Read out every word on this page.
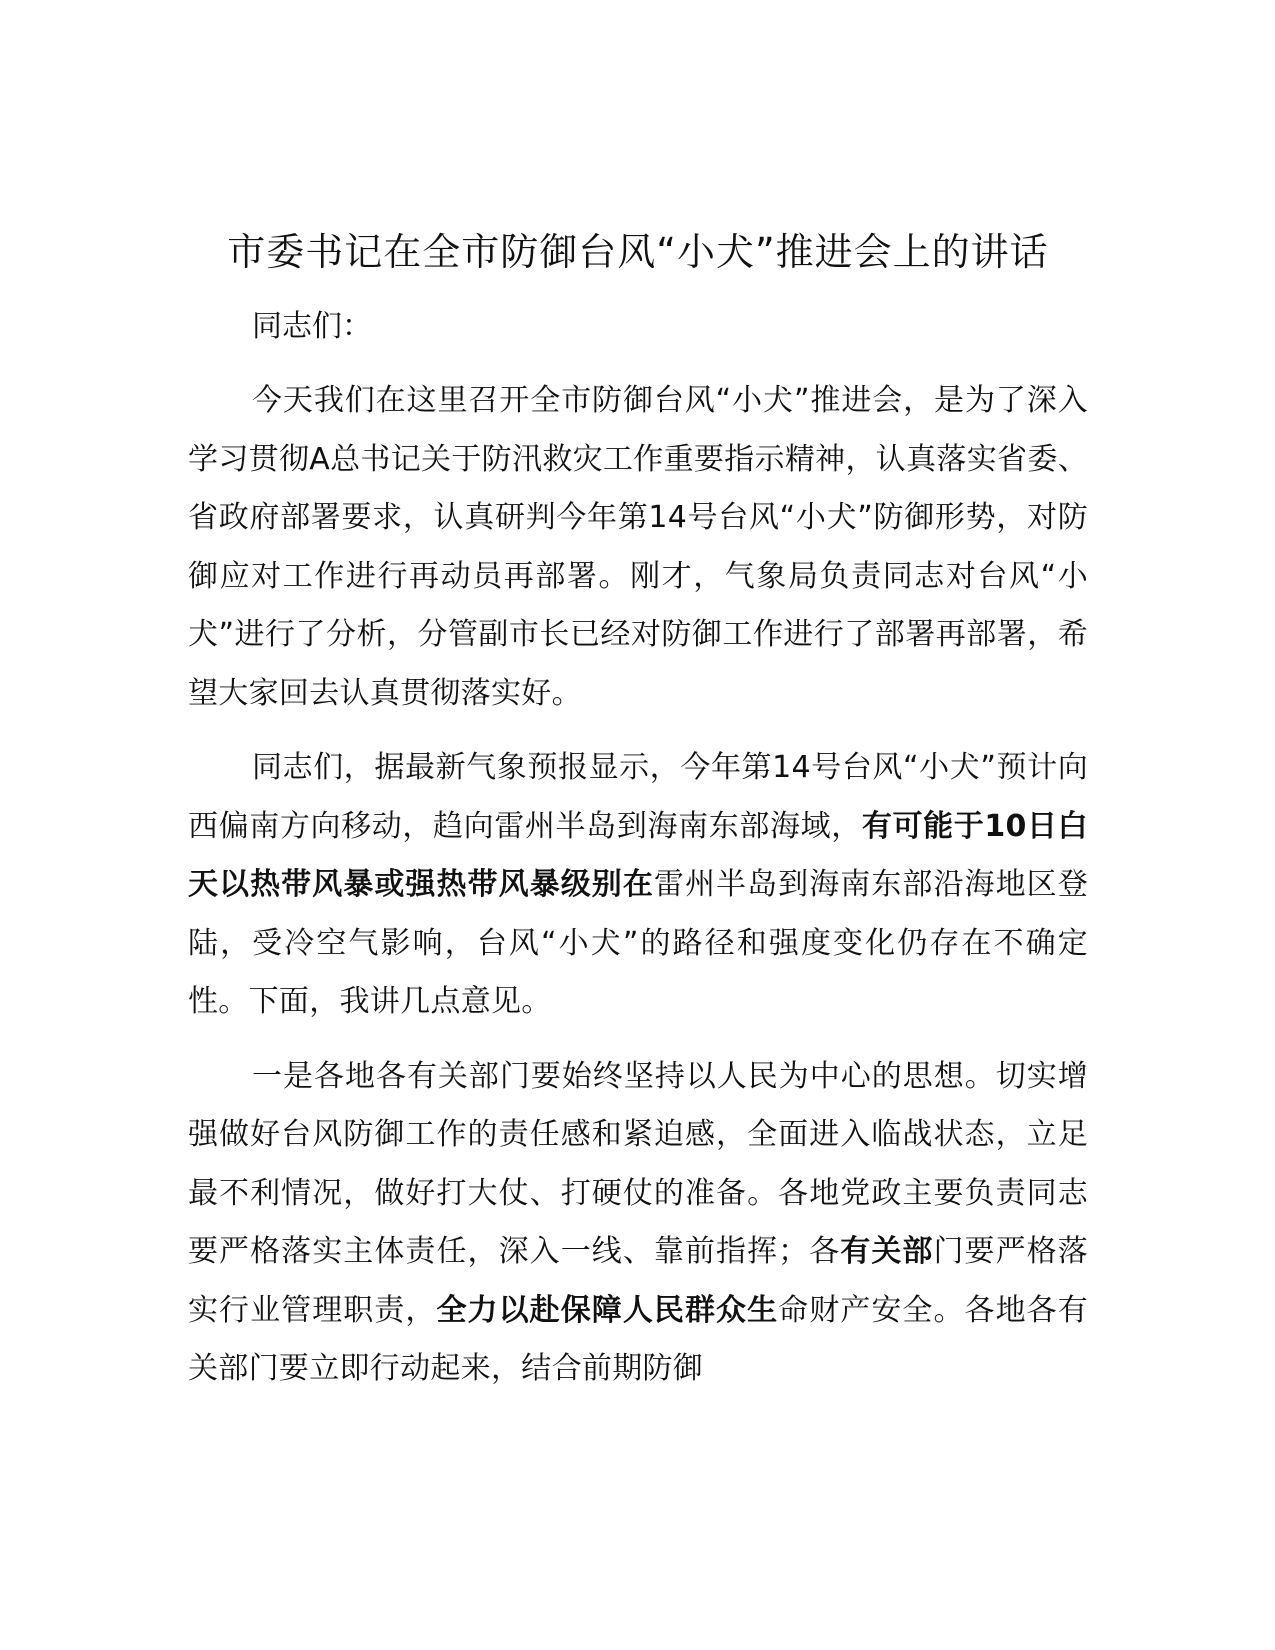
市委书记在全市防御台风“小犬”推进会上的讲话

同志们：

今天我们在这里召开全市防御台风“小犬”推进会，是为了深入学习贯彻A总书记关于防汛救灾工作重要指示精神，认真落实省委、省政府部署要求，认真研判今年第14号台风“小犬”防御形势，对防御应对工作进行再动员再部署。刚才，气象局负责同志对台风“小犬”进行了分析，分管副市长已经对防御工作进行了部署再部署，希望大家回去认真贯彻落实好。

同志们，据最新气象预报显示，今年第14号台风“小犬”预计向西偏南方向移动，趋向雷州半岛到海南东部海域，有可能于10日白天以热带风暴或强热带风暴级别在雷州半岛到海南东部沿海地区登陆，受冷空气影响，台风“小犬”的路径和强度变化仍存在不确定性。下面，我讲几点意见。

一是各地各有关部门要始终坚持以人民为中心的思想。切实增强做好台风防御工作的责任感和紧迫感，全面进入临战状态，立足最不利情况，做好打大仗、打硬仗的准备。各地党政主要负责同志要严格落实主体责任，深入一线、靠前指挥；各有关部门要严格落实行业管理职责，全力以赴保障人民群众生命财产安全。各地各有关部门要立即行动起来，结合前期防御
